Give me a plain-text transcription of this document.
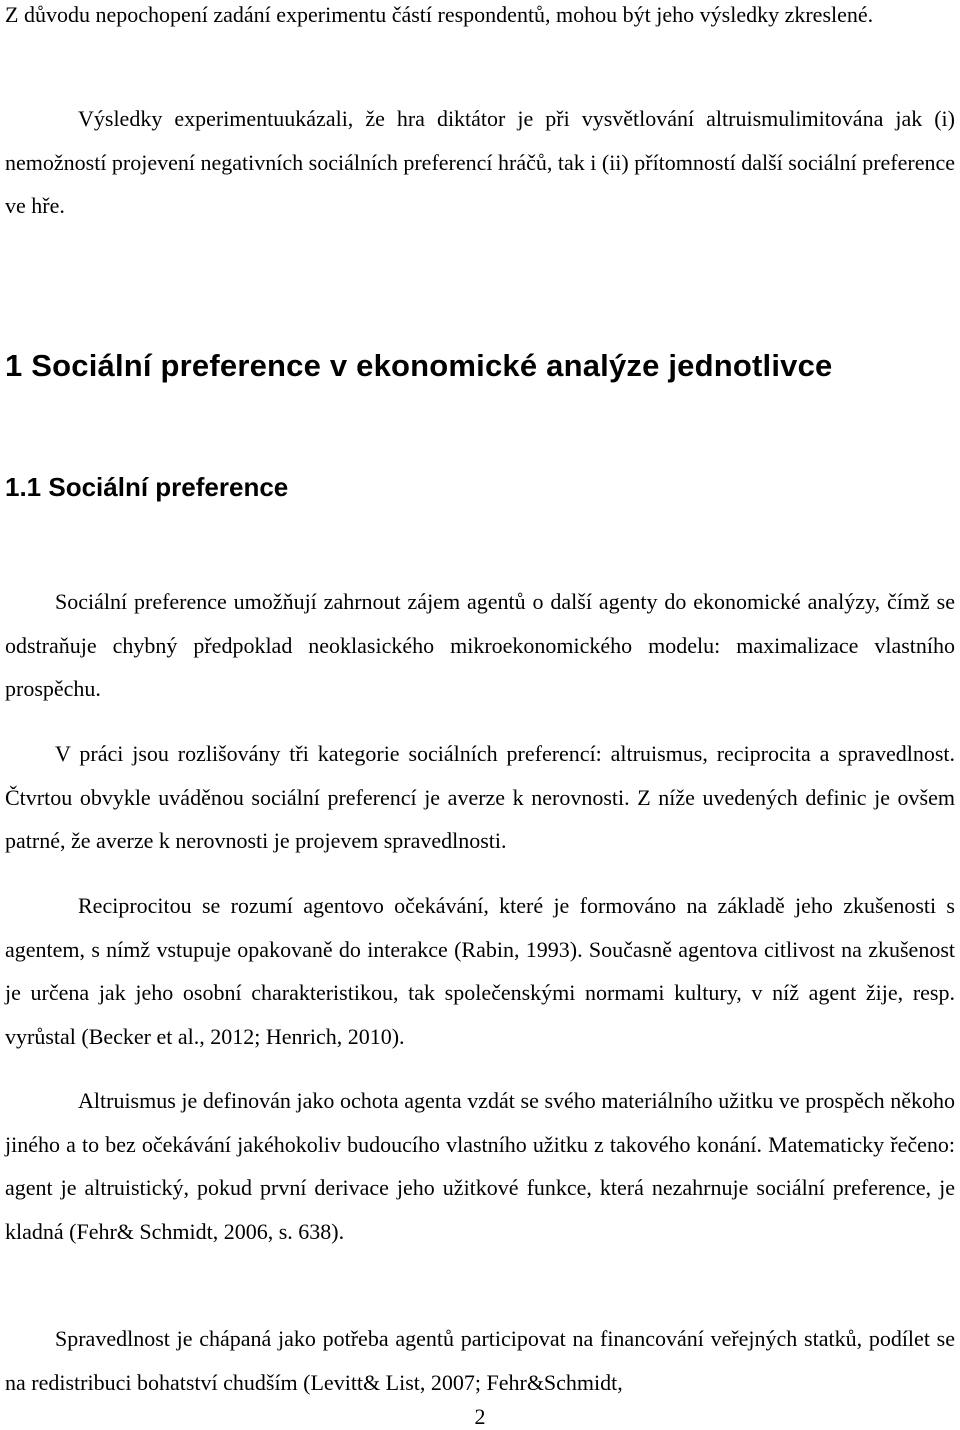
Z důvodu nepochopení zadání experimentu částí respondentů, mohou být jeho výsledky zkreslené.

Výsledky experimentuukázali, že hra diktátor je při vysvětlování altruismulimitována jak (i) nemožností projevení negativních sociálních preferencí hráčů, tak i (ii) přítomností další sociální preference ve hře.

1 Sociální preference v ekonomické analýze jednotlivce
1.1 Sociální preference

Sociální preference umožňují zahrnout zájem agentů o další agenty do ekonomické analýzy, čímž se odstraňuje chybný předpoklad neoklasického mikroekonomického modelu: maximalizace vlastního prospěchu.

V práci jsou rozlišovány tři kategorie sociálních preferencí: altruismus, reciprocita a spravedlnost. Čtvrtou obvykle uváděnou sociální preferencí je averze k nerovnosti. Z níže uvedených definic je ovšem patrné, že averze k nerovnosti je projevem spravedlnosti.

Reciprocitou se rozumí agentovo očekávání, které je formováno na základě jeho zkušenosti s agentem, s nímž vstupuje opakovaně do interakce (Rabin, 1993). Současně agentova citlivost na zkušenost je určena jak jeho osobní charakteristikou, tak společenskými normami kultury, v níž agent žije, resp. vyrůstal (Becker et al., 2012; Henrich, 2010).

Altruismus je definován jako ochota agenta vzdát se svého materiálního užitku ve prospěch někoho jiného a to bez očekávání jakéhokoliv budoucího vlastního užitku z takového konání. Matematicky řečeno: agent je altruistický, pokud první derivace jeho užitkové funkce, která nezahrnuje sociální preference, je kladná (Fehr& Schmidt, 2006, s. 638).

Spravedlnost je chápaná jako potřeba agentů participovat na financování veřejných statků, podílet se na redistribuci bohatství chudším (Levitt& List, 2007; Fehr&Schmidt,

2
